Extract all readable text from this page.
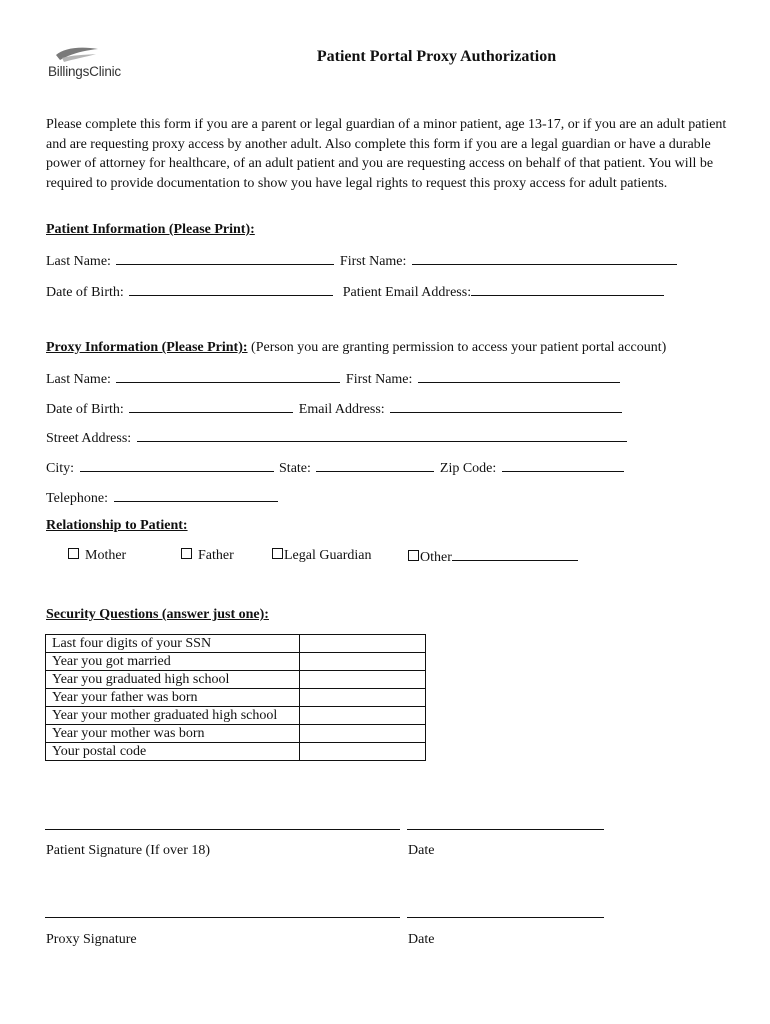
BillingsClinic
Patient Portal Proxy Authorization
Please complete this form if you are a parent or legal guardian of a minor patient, age 13-17, or if you are an adult patient and are requesting proxy access by another adult. Also complete this form if you are a legal guardian or have a durable power of attorney for healthcare, of an adult patient and you are requesting access on behalf of that patient. You will be required to provide documentation to show you have legal rights to request this proxy access for adult patients.
Patient Information (Please Print):
Last Name:	First Name:
Date of Birth:	Patient Email Address:
Proxy Information (Please Print): (Person you are granting permission to access your patient portal account)
Last Name:	First Name:
Date of Birth:	Email Address:
Street Address:
City:	State:	Zip Code:
Telephone:
Relationship to Patient:
Mother	Father	Legal Guardian	Other
Security Questions (answer just one):
Last four digits of your SSN	
Year you got married	
Year you graduated high school	
Year your father was born	
Year your mother graduated high school	
Year your mother was born	
Your postal code	
Patient Signature (If over 18)	Date
Proxy Signature	Date
